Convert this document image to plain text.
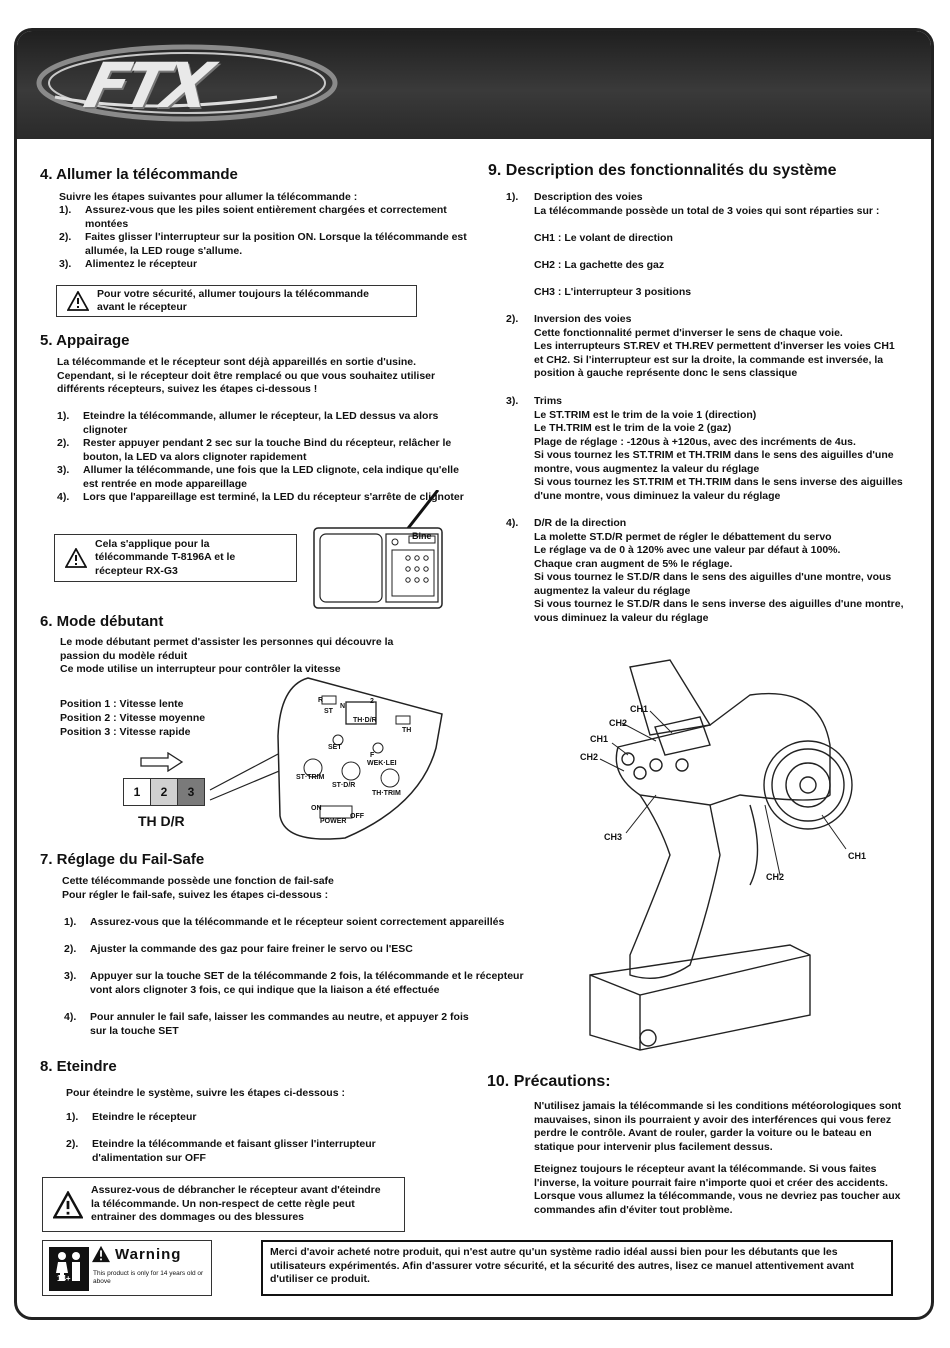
FTX
4. Allumer la télécommande
Suivre les étapes suivantes pour allumer la télécommande :
1).	Assurez-vous que les piles soient entièrement chargées et correctement montées
2).	Faites glisser l'interrupteur sur la position ON. Lorsque la télécommande est allumée, la LED rouge s'allume.
3).	Alimentez le récepteur
Pour votre sécurité, allumer toujours la télécommande avant le récepteur
5. Appairage
La télécommande et le récepteur sont déjà appareillés en sortie d'usine. Cependant, si le récepteur doit être remplacé ou que vous souhaitez utiliser différents récepteurs, suivez les étapes ci-dessous !
1).	Eteindre la télécommande, allumer le récepteur, la LED dessus va alors clignoter
2).	Rester appuyer pendant 2 sec sur la touche Bind du récepteur, relâcher le bouton, la LED va alors clignoter rapidement
3).	Allumer la télécommande, une fois que la LED clignote, cela indique qu'elle est rentrée en mode appareillage
4).	Lors que l'appareillage est terminé, la LED du récepteur s'arrête de clignoter
Cela s'applique pour la télécommande T-8196A et le récepteur RX-G3
Bine
6. Mode débutant
Le mode débutant permet d'assister les personnes qui découvre la passion du modèle réduit
Ce mode utilise un interrupteur pour contrôler la vitesse
Position 1 : Vitesse lente
Position 2 : Vitesse moyenne
Position 3 : Vitesse rapide
1	2	3
TH D/R
R
N
ST
2
TH·D/R
TH
SET
F
WEK·LEI
ST·TRIM
ST·D/R
TH·TRIM
ON
OFF
POWER
7. Réglage du Fail-Safe
Cette télécommande possède une fonction de fail-safe
Pour régler le fail-safe, suivez les étapes ci-dessous :
1).	Assurez-vous que la télécommande et le récepteur soient correctement appareillés
2).	Ajuster la commande des gaz pour faire freiner le servo ou l'ESC
3).	Appuyer sur la touche SET de la télécommande 2 fois, la télécommande et le récepteur vont alors clignoter 3 fois, ce qui indique que la liaison a été effectuée
4).	Pour annuler le fail safe, laisser les commandes au neutre, et appuyer 2 fois sur la touche SET
8. Eteindre
Pour éteindre le système, suivre les étapes ci-dessous :
1).	Eteindre le récepteur
2).	Eteindre la télécommande et faisant glisser l'interrupteur d'alimentation sur OFF
Assurez-vous de débrancher le récepteur avant d'éteindre la télécommande. Un non-respect de cette règle peut entrainer des dommages ou des blessures
9. Description des fonctionnalités du système
1). Description des voies
La télécommande possède un total de 3 voies qui sont réparties sur :

CH1 : Le volant de direction

CH2 : La gachette des gaz

CH3 : L'interrupteur 3 positions
2). Inversion des voies
Cette fonctionnalité permet d'inverser le sens de chaque voie.
Les interrupteurs ST.REV et TH.REV permettent d'inverser les voies CH1 et CH2. Si l'interrupteur est sur la droite, la commande est inversée, la position à gauche représente donc le sens classique
3). Trims
Le ST.TRIM est le trim de la voie 1 (direction)
Le TH.TRIM est le trim de la voie 2 (gaz)
Plage de réglage : -120us à +120us, avec des incréments de 4us.
Si vous tournez les ST.TRIM et TH.TRIM dans le sens des aiguilles d'une montre, vous augmentez la valeur du réglage
Si vous tournez les ST.TRIM et TH.TRIM dans le sens inverse des aiguilles d'une montre, vous diminuez la valeur du réglage
4). D/R de la direction
La molette ST.D/R permet de régler le débattement du servo
Le réglage va de 0 à 120% avec une valeur par défaut à 100%.
Chaque cran augment de 5% le réglage.
Si vous tournez le ST.D/R dans le sens des aiguilles d'une montre, vous augmentez la valeur du réglage
Si vous tournez le ST.D/R dans le sens inverse des aiguilles d'une montre, vous diminuez la valeur du réglage
CH1
CH2
CH1
CH2
CH3
CH1
CH2
10. Précautions:
N'utilisez jamais la télécommande si les conditions météorologiques sont mauvaises, sinon ils pourraient y avoir des interférences qui vous ferez perdre le contrôle. Avant de rouler, garder la voiture ou le bateau en statique pour intervenir plus facilement dessus.
Eteignez toujours le récepteur avant la télécommande. Si vous faites l'inverse, la voiture pourrait faire n'importe quoi et créer des accidents. Lorsque vous allumez la télécommande, vous ne devriez pas toucher aux commandes afin d'éviter tout problème.
14+
Warning
This product is only for 14 years old or above
Merci d'avoir acheté notre produit, qui n'est autre qu'un système radio idéal aussi bien pour les débutants que les utilisateurs expérimentés. Afin d'assurer votre sécurité, et la sécurité des autres, lisez ce manuel attentivement avant d'utiliser ce produit.
